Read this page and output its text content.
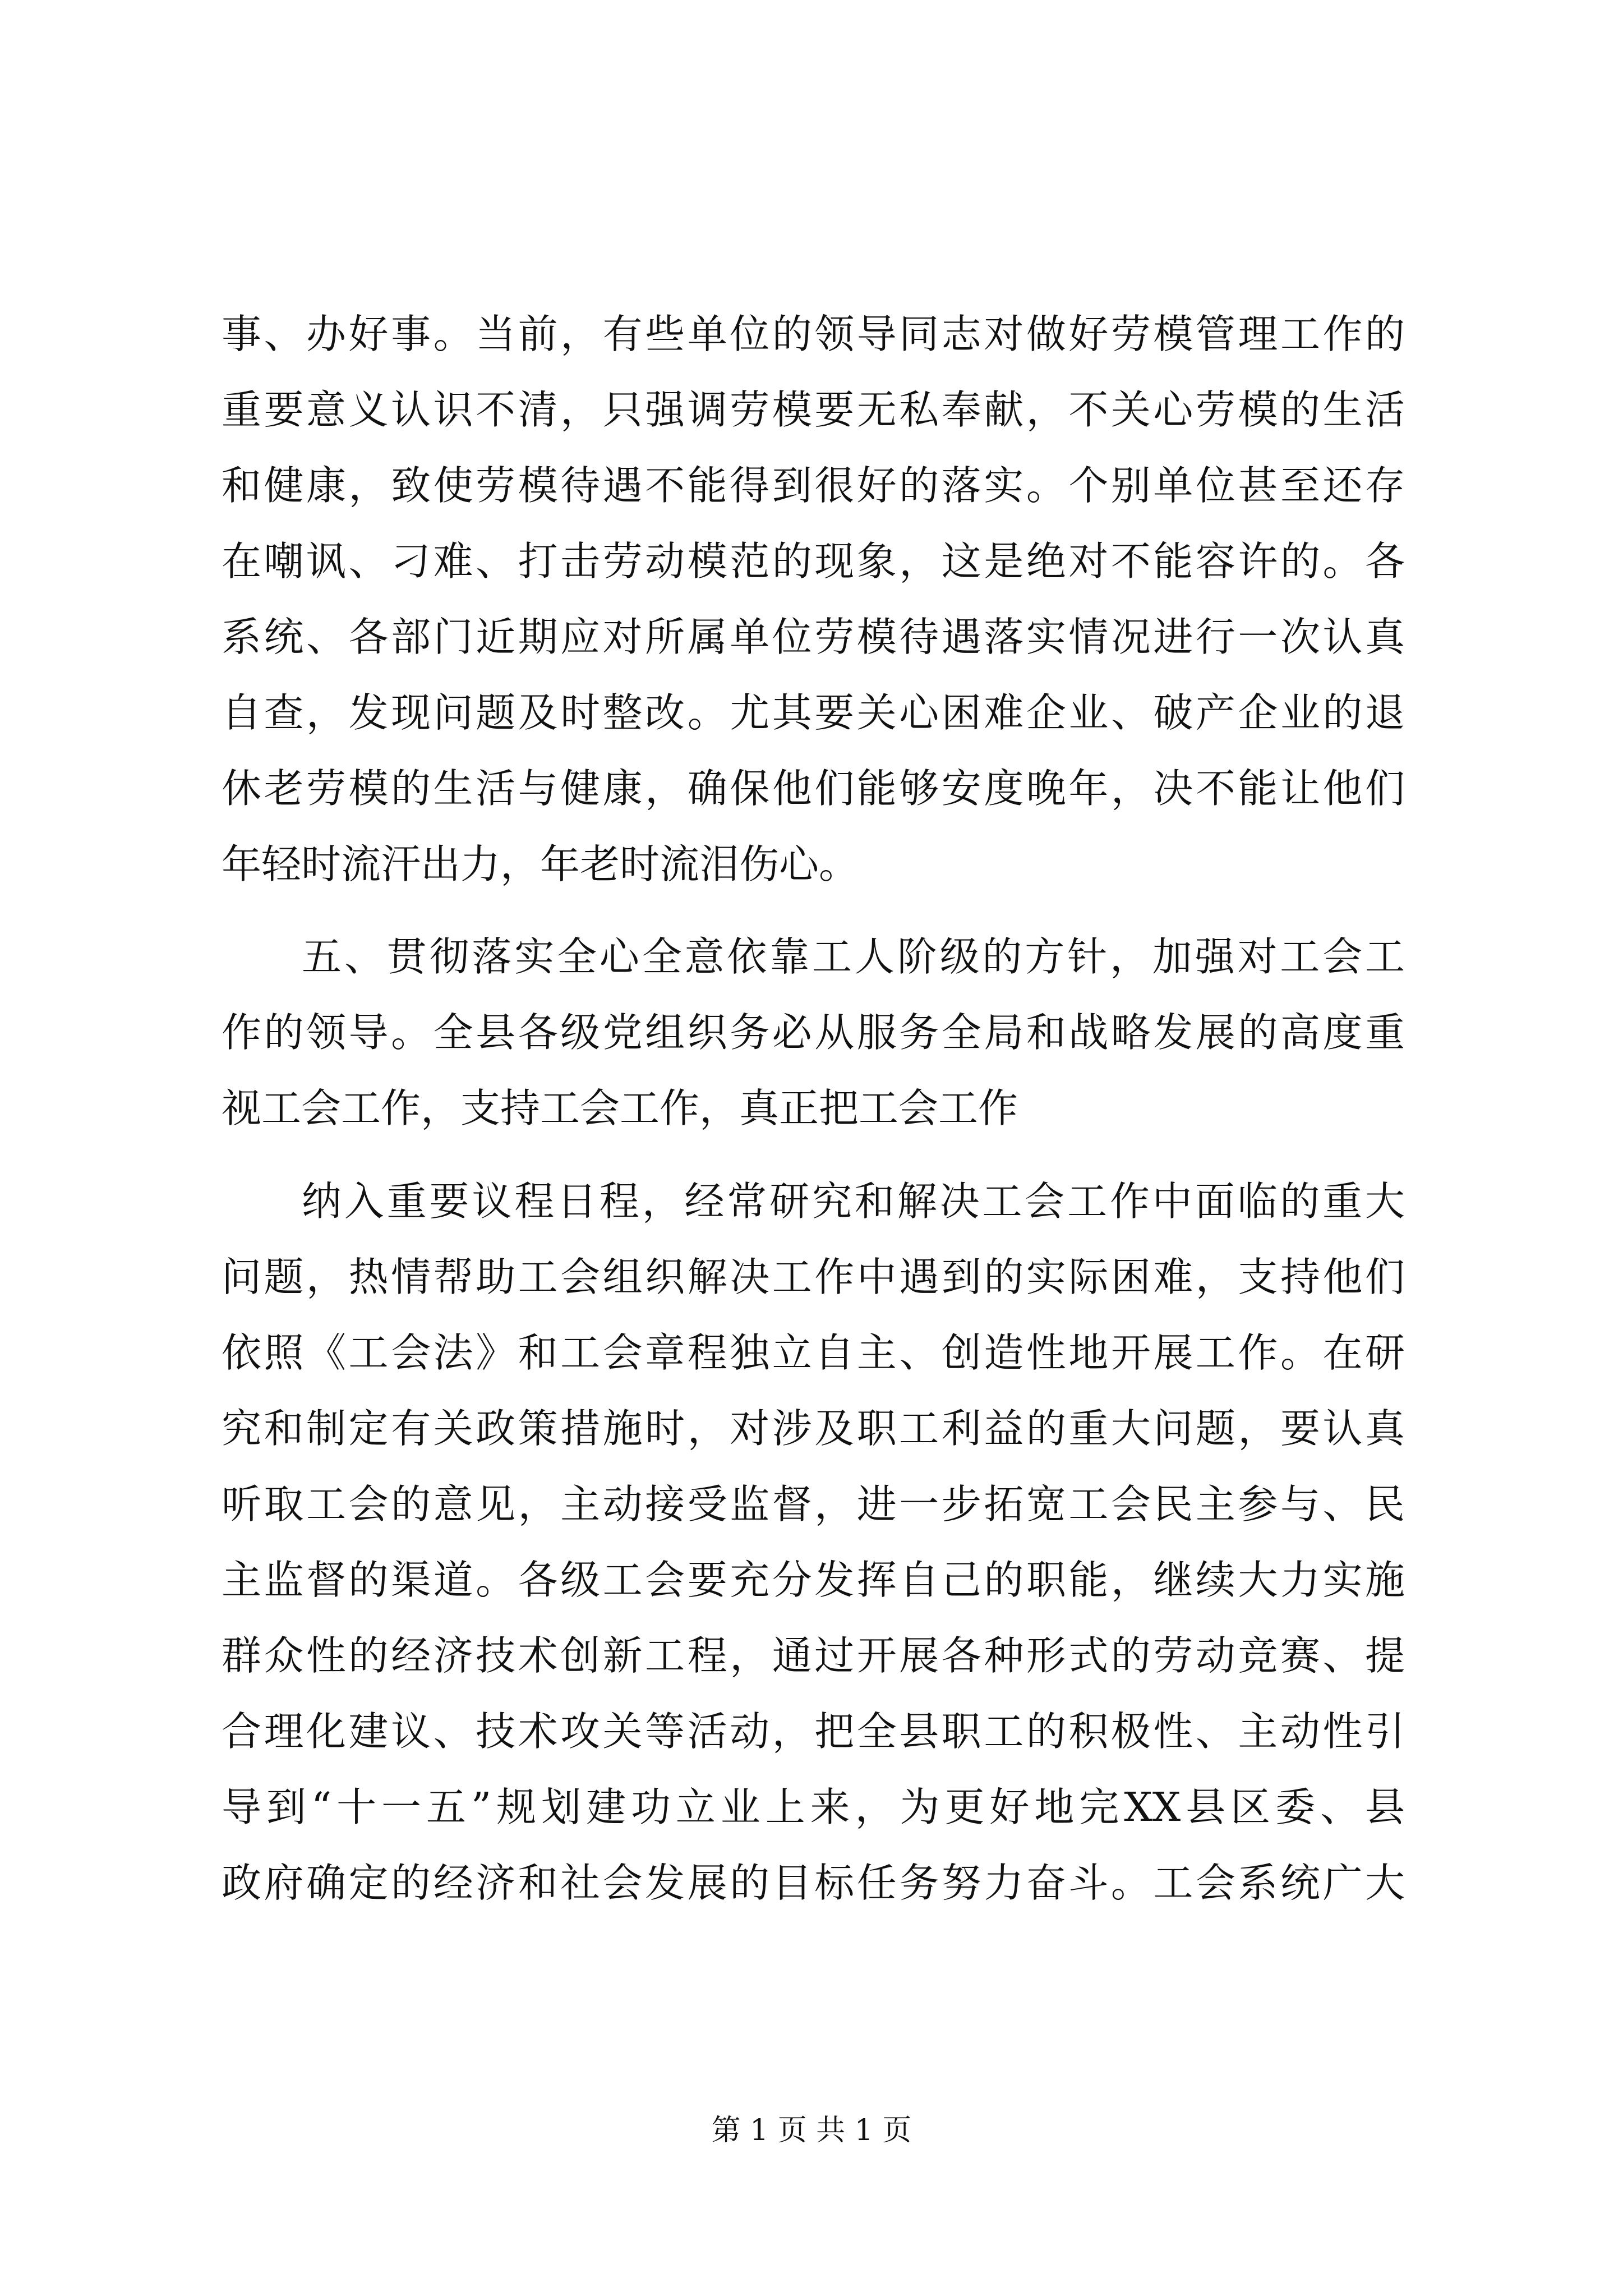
事、办好事。当前，有些单位的领导同志对做好劳模管理工作的
重要意义认识不清，只强调劳模要无私奉献，不关心劳模的生活
和健康，致使劳模待遇不能得到很好的落实。个别单位甚至还存
在嘲讽、刁难、打击劳动模范的现象，这是绝对不能容许的。各
系统、各部门近期应对所属单位劳模待遇落实情况进行一次认真
自查，发现问题及时整改。尤其要关心困难企业、破产企业的退
休老劳模的生活与健康，确保他们能够安度晚年，决不能让他们
年轻时流汗出力，年老时流泪伤心。
五、贯彻落实全心全意依靠工人阶级的方针，加强对工会工
作的领导。全县各级党组织务必从服务全局和战略发展的高度重
视工会工作，支持工会工作，真正把工会工作
纳入重要议程日程，经常研究和解决工会工作中面临的重大
问题，热情帮助工会组织解决工作中遇到的实际困难，支持他们
依照《工会法》和工会章程独立自主、创造性地开展工作。在研
究和制定有关政策措施时，对涉及职工利益的重大问题，要认真
听取工会的意见，主动接受监督，进一步拓宽工会民主参与、民
主监督的渠道。各级工会要充分发挥自己的职能，继续大力实施
群众性的经济技术创新工程，通过开展各种形式的劳动竞赛、提
合理化建议、技术攻关等活动，把全县职工的积极性、主动性引
导到“十一五”规划建功立业上来，为更好地完XX县区委、县
政府确定的经济和社会发展的目标任务努力奋斗。工会系统广大
第 1 页 共 1 页
